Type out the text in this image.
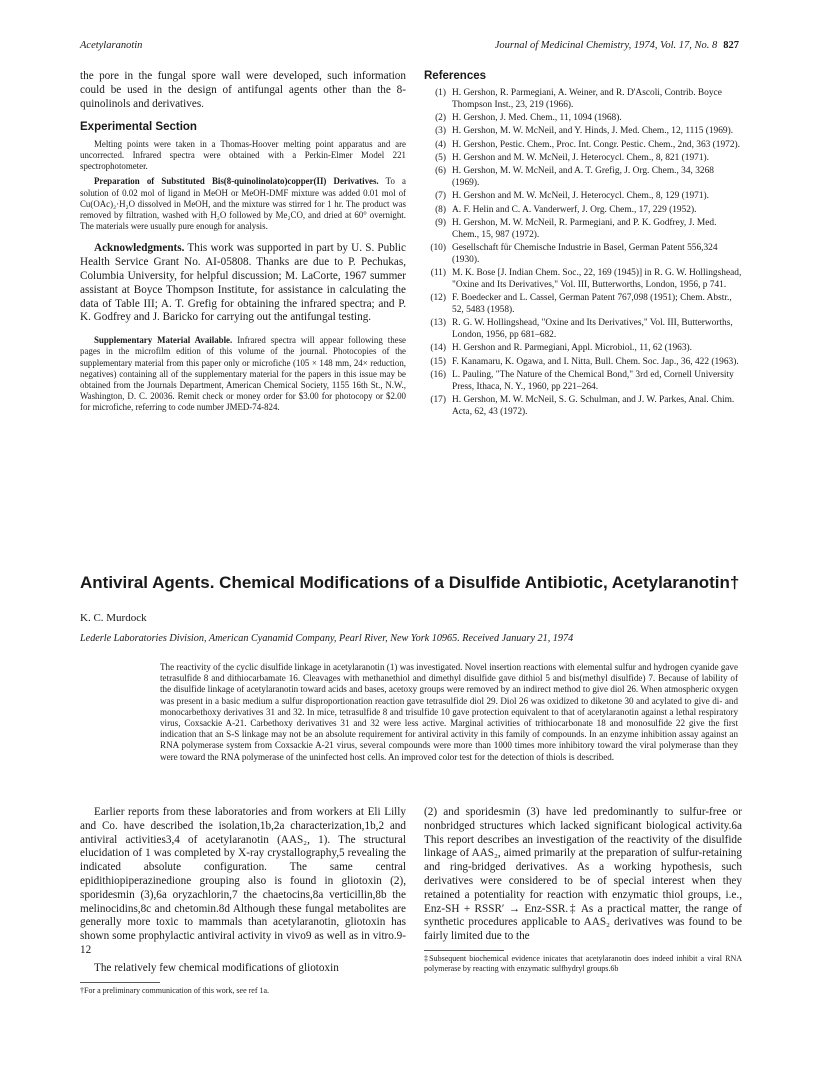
Acetylaranotin	Journal of Medicinal Chemistry, 1974, Vol. 17, No. 8 827

the pore in the fungal spore wall were developed, such information could be used in the design of antifungal agents other than the 8-quinolinols and derivatives.

Experimental Section

Melting points were taken in a Thomas-Hoover melting point apparatus and are uncorrected. Infrared spectra were obtained with a Perkin-Elmer Model 221 spectrophotometer.

Preparation of Substituted Bis(8-quinolinolato)copper(II) Derivatives. To a solution of 0.02 mol of ligand in MeOH or MeOH-DMF mixture was added 0.01 mol of Cu(OAc)₂·H₂O dissolved in MeOH, and the mixture was stirred for 1 hr. The product was removed by filtration, washed with H₂O followed by Me₂CO, and dried at 60° overnight. The materials were usually pure enough for analysis.

Acknowledgments. This work was supported in part by U. S. Public Health Service Grant No. AI-05808. Thanks are due to P. Pechukas, Columbia University, for helpful discussion; M. LaCorte, 1967 summer assistant at Boyce Thompson Institute, for assistance in calculating the data of Table III; A. T. Grefig for obtaining the infrared spectra; and P. K. Godfrey and J. Baricko for carrying out the antifungal testing.

Supplementary Material Available. Infrared spectra will appear following these pages in the microfilm edition of this volume of the journal. Photocopies of the supplementary material from this paper only or microfiche (105 × 148 mm, 24× reduction, negatives) containing all of the supplementary material for the papers in this issue may be obtained from the Journals Department, American Chemical Society, 1155 16th St., N.W., Washington, D. C. 20036. Remit check or money order for $3.00 for photocopy or $2.00 for microfiche, referring to code number JMED-74-824.

References
(1) H. Gershon, R. Parmegiani, A. Weiner, and R. D'Ascoli, Contrib. Boyce Thompson Inst., 23, 219 (1966).
(2) H. Gershon, J. Med. Chem., 11, 1094 (1968).
(3) H. Gershon, M. W. McNeil, and Y. Hinds, J. Med. Chem., 12, 1115 (1969).
(4) H. Gershon, Pestic. Chem., Proc. Int. Congr. Pestic. Chem., 2nd, 363 (1972).
(5) H. Gershon and M. W. McNeil, J. Heterocycl. Chem., 8, 821 (1971).
(6) H. Gershon, M. W. McNeil, and A. T. Grefig, J. Org. Chem., 34, 3268 (1969).
(7) H. Gershon and M. W. McNeil, J. Heterocycl. Chem., 8, 129 (1971).
(8) A. F. Helin and C. A. Vanderwerf, J. Org. Chem., 17, 229 (1952).
(9) H. Gershon, M. W. McNeil, R. Parmegiani, and P. K. Godfrey, J. Med. Chem., 15, 987 (1972).
(10) Gesellschaft für Chemische Industrie in Basel, German Patent 556,324 (1930).
(11) M. K. Bose [J. Indian Chem. Soc., 22, 169 (1945)] in R. G. W. Hollingshead, "Oxine and Its Derivatives," Vol. III, Butterworths, London, 1956, p 741.
(12) F. Boedecker and L. Cassel, German Patent 767,098 (1951); Chem. Abstr., 52, 5483 (1958).
(13) R. G. W. Hollingshead, "Oxine and Its Derivatives," Vol. III, Butterworths, London, 1956, pp 681–682.
(14) H. Gershon and R. Parmegiani, Appl. Microbiol., 11, 62 (1963).
(15) F. Kanamaru, K. Ogawa, and I. Nitta, Bull. Chem. Soc. Jap., 36, 422 (1963).
(16) L. Pauling, "The Nature of the Chemical Bond," 3rd ed, Cornell University Press, Ithaca, N. Y., 1960, pp 221–264.
(17) H. Gershon, M. W. McNeil, S. G. Schulman, and J. W. Parkes, Anal. Chim. Acta, 62, 43 (1972).
Antiviral Agents. Chemical Modifications of a Disulfide Antibiotic, Acetylaranotin†
K. C. Murdock
Lederle Laboratories Division, American Cyanamid Company, Pearl River, New York 10965. Received January 21, 1974
The reactivity of the cyclic disulfide linkage in acetylaranotin (1) was investigated. Novel insertion reactions with elemental sulfur and hydrogen cyanide gave tetrasulfide 8 and dithiocarbamate 16. Cleavages with methanethiol and dimethyl disulfide gave dithiol 5 and bis(methyl disulfide) 7. Because of lability of the disulfide linkage of acetylaranotin toward acids and bases, acetoxy groups were removed by an indirect method to give diol 26. When atmospheric oxygen was present in a basic medium a sulfur disproportionation reaction gave tetrasulfide diol 29. Diol 26 was oxidized to diketone 30 and acylated to give di- and monocarbethoxy derivatives 31 and 32. In mice, tetrasulfide 8 and trisulfide 10 gave protection equivalent to that of acetylaranotin against a lethal respiratory virus, Coxsackie A-21. Carbethoxy derivatives 31 and 32 were less active. Marginal activities of trithiocarbonate 18 and monosulfide 22 give the first indication that an S-S linkage may not be an absolute requirement for antiviral activity in this family of compounds. In an enzyme inhibition assay against an RNA polymerase system from Coxsackie A-21 virus, several compounds were more than 1000 times more inhibitory toward the viral polymerase than they were toward the RNA polymerase of the uninfected host cells. An improved color test for the detection of thiols is described.

Earlier reports from these laboratories and from workers at Eli Lilly and Co. have described the isolation,1b,2a characterization,1b,2 and antiviral activities3,4 of acetylaranotin (AAS₂, 1). The structural elucidation of 1 was completed by X-ray crystallography,5 revealing the indicated absolute configuration. The same central epidithiopiperazinedione grouping also is found in gliotoxin (2), sporidesmin (3),6a oryzachlorin,7 the chaetocins,8a verticillin,8b the melinocidins,8c and chetomin.8d Although these fungal metabolites are generally more toxic to mammals than acetylaranotin, gliotoxin has shown some prophylactic antiviral activity in vivo9 as well as in vitro.9-12

The relatively few chemical modifications of gliotoxin

†For a preliminary communication of this work, see ref 1a.

(2) and sporidesmin (3) have led predominantly to sulfur-free or nonbridged structures which lacked significant biological activity.6a This report describes an investigation of the reactivity of the disulfide linkage of AAS₂, aimed primarily at the preparation of sulfur-retaining and ring-bridged derivatives. As a working hypothesis, such derivatives were considered to be of special interest when they retained a potentiality for reaction with enzymatic thiol groups, i.e., Enz-SH + RSSR′ → Enz-SSR.‡ As a practical matter, the range of synthetic procedures applicable to AAS₂ derivatives was found to be fairly limited due to the

‡Subsequent biochemical evidence inicates that acetylaranotin does indeed inhibit a viral RNA polymerase by reacting with enzymatic sulfhydryl groups.6b
